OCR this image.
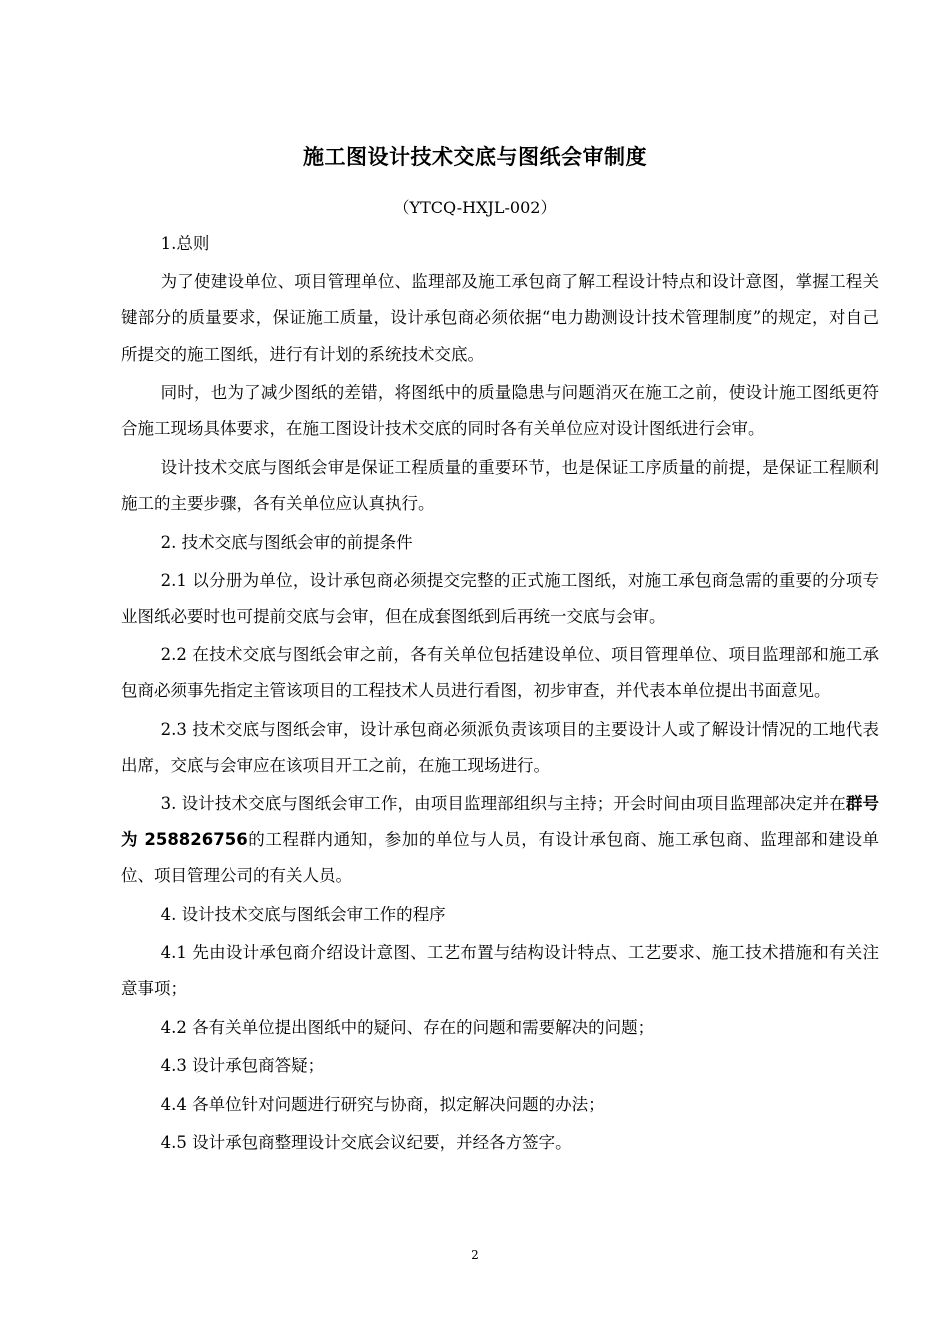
施工图设计技术交底与图纸会审制度
（YTCQ-HXJL-002）

1.总则

为了使建设单位、项目管理单位、监理部及施工承包商了解工程设计特点和设计意图，掌握工程关键部分的质量要求，保证施工质量，设计承包商必须依据“电力勘测设计技术管理制度”的规定，对自己所提交的施工图纸，进行有计划的系统技术交底。

同时，也为了减少图纸的差错，将图纸中的质量隐患与问题消灭在施工之前，使设计施工图纸更符合施工现场具体要求，在施工图设计技术交底的同时各有关单位应对设计图纸进行会审。

设计技术交底与图纸会审是保证工程质量的重要环节，也是保证工序质量的前提，是保证工程顺利施工的主要步骤，各有关单位应认真执行。

2. 技术交底与图纸会审的前提条件

2.1 以分册为单位，设计承包商必须提交完整的正式施工图纸，对施工承包商急需的重要的分项专业图纸必要时也可提前交底与会审，但在成套图纸到后再统一交底与会审。

2.2 在技术交底与图纸会审之前，各有关单位包括建设单位、项目管理单位、项目监理部和施工承包商必须事先指定主管该项目的工程技术人员进行看图，初步审查，并代表本单位提出书面意见。

2.3 技术交底与图纸会审，设计承包商必须派负责该项目的主要设计人或了解设计情况的工地代表出席，交底与会审应在该项目开工之前，在施工现场进行。

3. 设计技术交底与图纸会审工作，由项目监理部组织与主持；开会时间由项目监理部决定并在群号为 258826756的工程群内通知，参加的单位与人员，有设计承包商、施工承包商、监理部和建设单位、项目管理公司的有关人员。

4. 设计技术交底与图纸会审工作的程序

4.1 先由设计承包商介绍设计意图、工艺布置与结构设计特点、工艺要求、施工技术措施和有关注意事项；

4.2 各有关单位提出图纸中的疑问、存在的问题和需要解决的问题；

4.3 设计承包商答疑；

4.4 各单位针对问题进行研究与协商，拟定解决问题的办法；

4.5 设计承包商整理设计交底会议纪要，并经各方签字。

2
